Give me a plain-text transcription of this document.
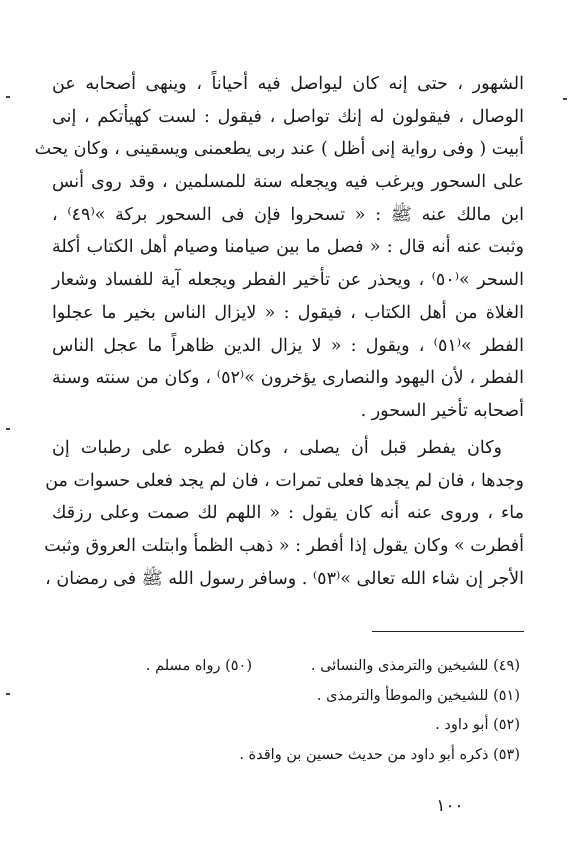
الشهور ، حتى إنه كان ليواصل فيه أحياناً ، وينهى أصحابه عن
الوصال ، فيقولون له إنك تواصل ، فيقول : لست كهيأتكم ، إنى
أبيت ( وفى رواية إنى أظل ) عند ربى يطعمنى ويسقينى ، وكان يحث
على السحور ويرغب فيه ويجعله سنة للمسلمين ، وقد روى أنس
ابن مالك عنه ﷺ : « تسحروا فإن فى السحور بركة »⁽٤٩⁾ ،
وثبت عنه أنه قال : « فصل ما بين صيامنا وصيام أهل الكتاب أكلة
السحر »⁽٥٠⁾ ، ويحذر عن تأخير الفطر ويجعله آية للفساد وشعار
الغلاة من أهل الكتاب ، فيقول : « لايزال الناس بخير ما عجلوا
الفطر »⁽٥١⁾ ، ويقول : « لا يزال الدين ظاهراً ما عجل الناس
الفطر ، لأن اليهود والنصارى يؤخرون »⁽٥٢⁾ ، وكان من سنته وسنة
أصحابه تأخير السحور .
وكان يفطر قبل أن يصلى ، وكان فطره على رطبات إن
وجدها ، فان لم يجدها فعلى تمرات ، فان لم يجد فعلى حسوات من
ماء ، وروى عنه أنه كان يقول : « اللهم لك صمت وعلى رزقك
أفطرت » وكان يقول إذا أفطر : « ذهب الظمأ وابتلت العروق وثبت
الأجر إن شاء الله تعالى »⁽٥٣⁾ . وسافر رسول الله ﷺ فى رمضان ،
(٤٩) للشيخين والترمذى والنسائى .
(٥٠) رواه مسلم .
(٥١) للشيخين والموطأ والترمذى .
(٥٢) أبو داود .
(٥٣) ذكره أبو داود من حديث حسين بن واقدة .
١٠٠
